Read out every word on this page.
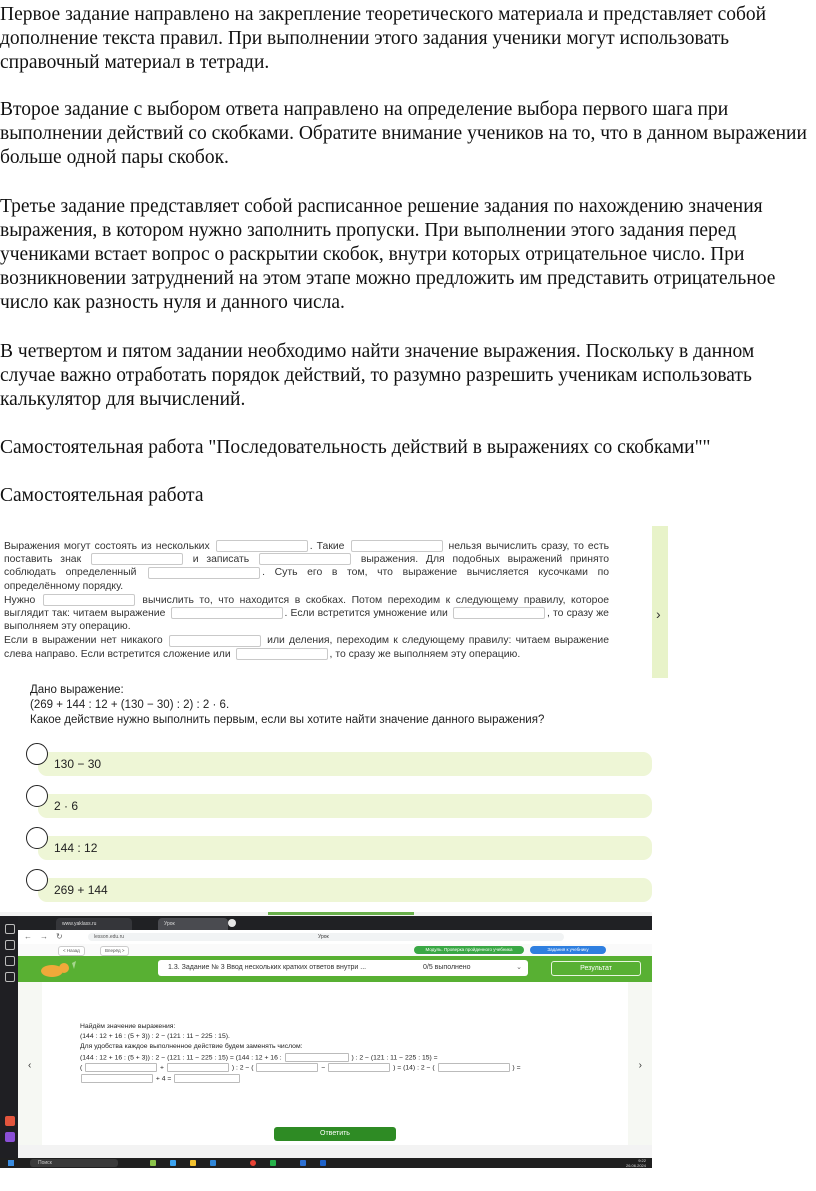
Первое задание направлено на закрепление теоретического материала и представляет собой дополнение текста правил. При выполнении этого задания ученики могут использовать справочный материал в тетради.

Второе задание с выбором ответа направлено на определение выбора первого шага при выполнении действий со скобками. Обратите внимание учеников на то, что в данном выражении больше одной пары скобок.

Третье задание представляет собой расписанное решение задания по нахождению значения выражения, в котором нужно заполнить пропуски. При выполнении этого задания перед учениками встает вопрос о раскрытии скобок, внутри которых отрицательное число. При возникновении затруднений на этом этапе можно предложить им представить отрицательное число как разность нуля и данного числа.

В четвертом и пятом задании необходимо найти значение выражения. Поскольку в данном случае важно отработать порядок действий, то разумно разрешить ученикам использовать калькулятор для вычислений.

Самостоятельная работа "Последовательность действий в выражениях со скобками""

Самостоятельная работа

Выражения могут состоять из нескольких	. Такие	нельзя вычислить сразу, то есть поставить знак	и записать	выражения. Для подобных выражений принято соблюдать определенный	. Суть его в том, что выражение вычисляется кусочками по определённому порядку.

Нужно	вычислить то, что находится в скобках. Потом переходим к следующему правилу, которое выглядит так: читаем выражение	. Если встретится умножение или	, то сразу же выполняем эту операцию.

Если в выражении нет никакого	или деления, переходим к следующему правилу: читаем выражение слева направо. Если встретится сложение или	, то сразу же выполняем эту операцию.

›
Дано выражение:
(269 + 144 : 12 + (130 − 30) : 2) : 2 · 6.
Какое действие нужно выполнить первым, если вы хотите найти значение данного выражения?
130 − 30
2 · 6
144 : 12
269 + 144
www.yaklass.ru	Урок
← → ↻	lesson.edu.ru	Урок
< Назад	Вперёд >	Модуль. Проверка пройденного учебника	Задания к учебнику
1.3. Задание № 3 Ввод нескольких кратких ответов внутри ...	0/5 выполнено	⌄	Результат
‹	›

Найдём значение выражения:

(144 : 12 + 16 : (5 + 3)) : 2 − (121 : 11 − 225 : 15).

Для удобства каждое выполненное действие будем заменять числом:

(144 : 12 + 16 : (5 + 3)) : 2 − (121 : 11 − 225 : 15) = (144 : 12 + 16 :	) : 2 − (121 : 11 − 225 : 15) =

(	+	) : 2 − (	−	) = (14) : 2 − (	) =

+ 4 =

Ответить
Поиск	9:22
26.06.2024
